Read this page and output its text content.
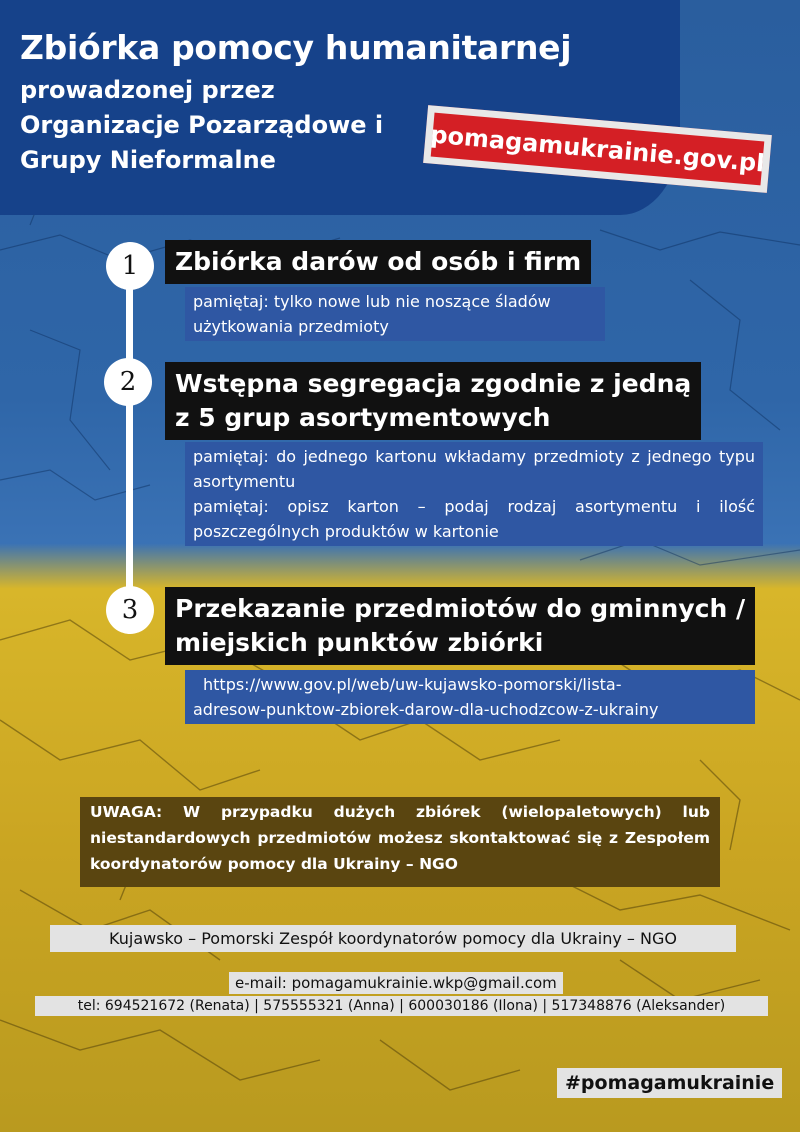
Zbiórka pomocy humanitarnej
prowadzonej przez
Organizacje Pozarządowe i
Grupy Nieformalne	pomagamukrainie.gov.pl
1	Zbiórka darów od osób i firm
pamiętaj: tylko nowe lub nie noszące śladów
użytkowania przedmioty
2	Wstępna segregacja zgodnie z jedną
z 5 grup asortymentowych
pamiętaj: do jednego kartonu wkładamy przedmioty z jednego typu asortymentu
pamiętaj: opisz karton – podaj rodzaj asortymentu i ilość poszczególnych produktów w kartonie
3	Przekazanie przedmiotów do gminnych /
miejskich punktów zbiórki
https://www.gov.pl/web/uw-kujawsko-pomorski/lista-
adresow-punktow-zbiorek-darow-dla-uchodzcow-z-ukrainy
UWAGA: W przypadku dużych zbiórek (wielopaletowych) lub niestandardowych przedmiotów możesz skontaktować się z Zespołem koordynatorów pomocy dla Ukrainy – NGO
Kujawsko – Pomorski Zespół koordynatorów pomocy dla Ukrainy – NGO
e-mail: pomagamukrainie.wkp@gmail.com
tel: 694521672 (Renata) | 575555321 (Anna) | 600030186 (Ilona) | 517348876 (Aleksander)
#pomagamukrainie
